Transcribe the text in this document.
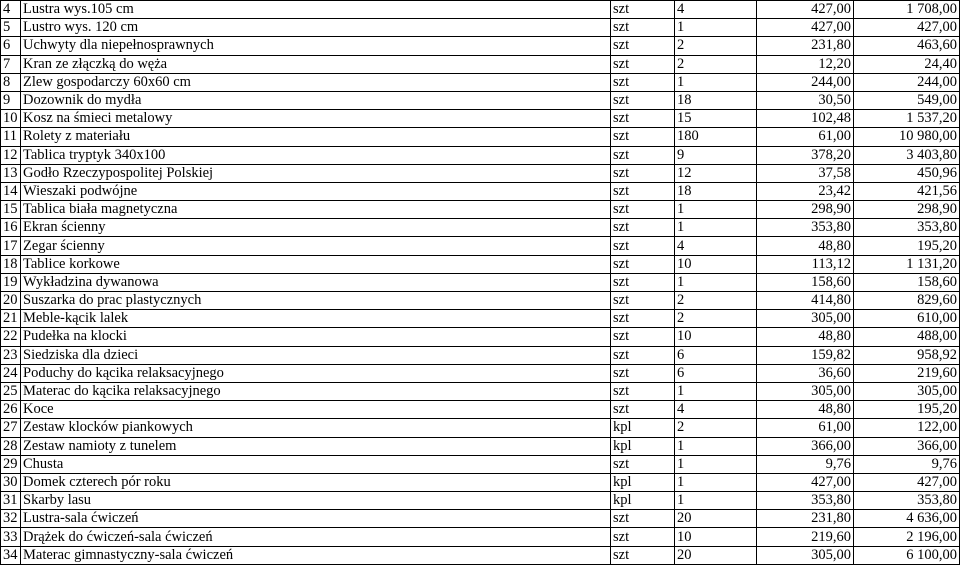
4	Lustra wys.105 cm	szt	4	427,00	1 708,00
5	Lustro wys. 120 cm	szt	1	427,00	427,00
6	Uchwyty dla niepełnosprawnych	szt	2	231,80	463,60
7	Kran ze złączką do węża	szt	2	12,20	24,40
8	Zlew gospodarczy 60x60 cm	szt	1	244,00	244,00
9	Dozownik do mydła	szt	18	30,50	549,00
10	Kosz na śmieci metalowy	szt	15	102,48	1 537,20
11	Rolety z materiału	szt	180	61,00	10 980,00
12	Tablica tryptyk 340x100	szt	9	378,20	3 403,80
13	Godło Rzeczypospolitej Polskiej	szt	12	37,58	450,96
14	Wieszaki podwójne	szt	18	23,42	421,56
15	Tablica biała magnetyczna	szt	1	298,90	298,90
16	Ekran ścienny	szt	1	353,80	353,80
17	Zegar ścienny	szt	4	48,80	195,20
18	Tablice korkowe	szt	10	113,12	1 131,20
19	Wykładzina dywanowa	szt	1	158,60	158,60
20	Suszarka do prac plastycznych	szt	2	414,80	829,60
21	Meble-kącik lalek	szt	2	305,00	610,00
22	Pudełka na klocki	szt	10	48,80	488,00
23	Siedziska dla dzieci	szt	6	159,82	958,92
24	Poduchy do kącika relaksacyjnego	szt	6	36,60	219,60
25	Materac do kącika relaksacyjnego	szt	1	305,00	305,00
26	Koce	szt	4	48,80	195,20
27	Zestaw klocków piankowych	kpl	2	61,00	122,00
28	Zestaw namioty z tunelem	kpl	1	366,00	366,00
29	Chusta	szt	1	9,76	9,76
30	Domek czterech pór roku	kpl	1	427,00	427,00
31	Skarby lasu	kpl	1	353,80	353,80
32	Lustra-sala ćwiczeń	szt	20	231,80	4 636,00
33	Drążek do ćwiczeń-sala ćwiczeń	szt	10	219,60	2 196,00
34	Materac gimnastyczny-sala ćwiczeń	szt	20	305,00	6 100,00
